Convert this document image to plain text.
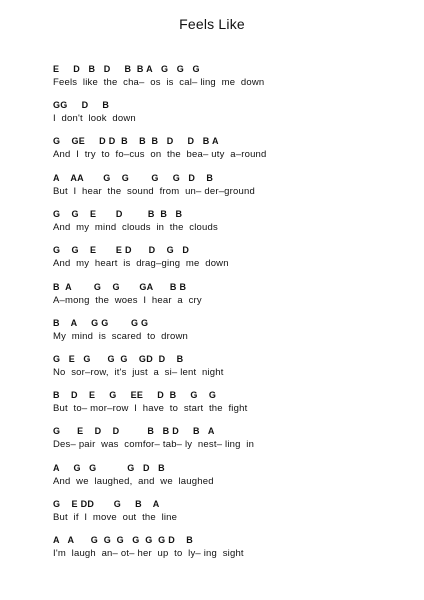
Feels Like
E     D   B   D     B  B A   G   G   G
Feels  like  the  cha–  os  is  cal– ling  me  down
GG     D     B
I  don't  look  down
G    GE     D D  B    B  B   D     D   B A
And  I  try  to  fo–cus  on  the  bea– uty  a–round
A    AA       G    G        G     G   D    B
But  I  hear  the  sound  from  un– der–ground
G    G    E       D         B  B   B
And  my  mind  clouds  in  the  clouds
G    G    E       E D      D    G   D
And  my  heart  is  drag–ging  me  down
B  A        G    G       GA      B B
A–mong  the  woes  I  hear  a  cry
B    A     G G        G G
My  mind  is  scared  to  drown
G   E   G      G  G    GD  D    B
No  sor–row,  it's  just  a  si– lent  night
B    D    E     G     EE     D  B     G    G
But  to– mor–row  I  have  to  start  the  fight
G      E    D    D          B   B D     B   A
Des– pair  was  comfor– tab– ly  nest– ling  in
A     G   G           G   D   B
And  we  laughed,  and  we  laughed
G    E DD       G     B    A
But  if  I  move  out  the  line
A   A      G  G  G   G  G  G D    B
I'm  laugh  an– ot– her  up  to  ly– ing  sight
